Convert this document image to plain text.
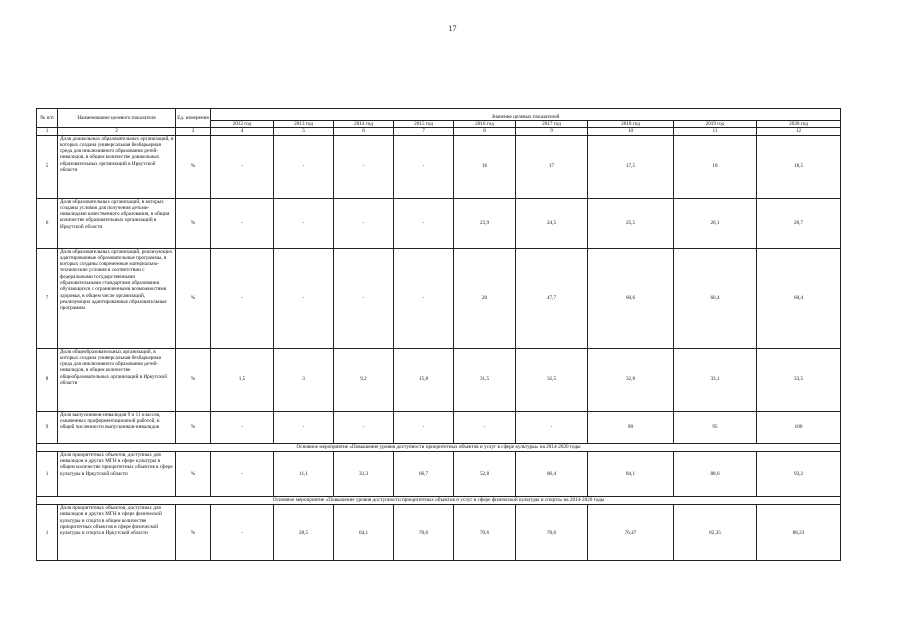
17
№ п/п	Наименование целевого показателя	Ед. измерения	Значение целевых показателей								
			2012 год	2013 год	2014 год	2015 год	2016 год	2017 год	2018 год	2019 год	2020 год
1	2	3	4	5	6	7	8	9	10	11	12
5	Доля дошкольных образовательных организаций, в которых создана универсальная безбарьерная среда для инклюзивного образования детей-инвалидов, в общем количестве дошкольных образовательных организаций в Иркутской области	%	-	-	-	-	16	17	17,5	18	18,5
6	Доля образовательных организаций, в которых созданы условия для получения детьми-инвалидами качественного образования, в общем количестве образовательных организаций в Иркутской области	%	-	-	-	-	23,9	24,5	25,5	26,1	26,7
7	Доля образовательных организаций, реализующих адаптированные образовательные программы, в которых созданы современные материально-технические условия в соответствии с федеральными государственными образовательными стандартами образования обучающихся с ограниченными возможностями здоровья, в общем числе организаций, реализующих адаптированные образовательные программы	%	-	-	-	-	20	47,7	60,6	60,4	60,4
8	Доля общеобразовательных организаций, в которых создана универсальная безбарьерная среда для инклюзивного образования детей-инвалидов, в общем количестве общеобразовательных организаций в Иркутской области	%	1,5	3	9,2	15,8	31,5	32,5	32,8	33,1	33,5
9	Доля выпускников-инвалидов 9 и 11 классов, охваченных профориентационной работой, в общей численности выпускников-инвалидов	%	-	-	-	-	-	-	90	95	100
Основное мероприятие «Повышение уровня доступности приоритетных объектов и услуг в сфере культуры» на 2014-2020 годы											
1	Доля приоритетных объектов, доступных для инвалидов и других МГН в сфере культуры в общем количестве приоритетных объектов в сфере культуры в Иркутской области	%	-	11,1	33,3	66,7	52,8	86,4	84,1	88,6	93,2
Основное мероприятие «Повышение уровня доступности приоритетных объектов и услуг в сфере физической культуры и спорта» на 2014-2020 годы											
1	Доля приоритетных объектов, доступных для инвалидов и других МГН в сфере физической культуры и спорта в общем количестве приоритетных объектов в сфере физической культуры и спорта в Иркутской области	%	-	28,5	64,1	70,6	70,6	70,6	76,47	82,35	88,23
